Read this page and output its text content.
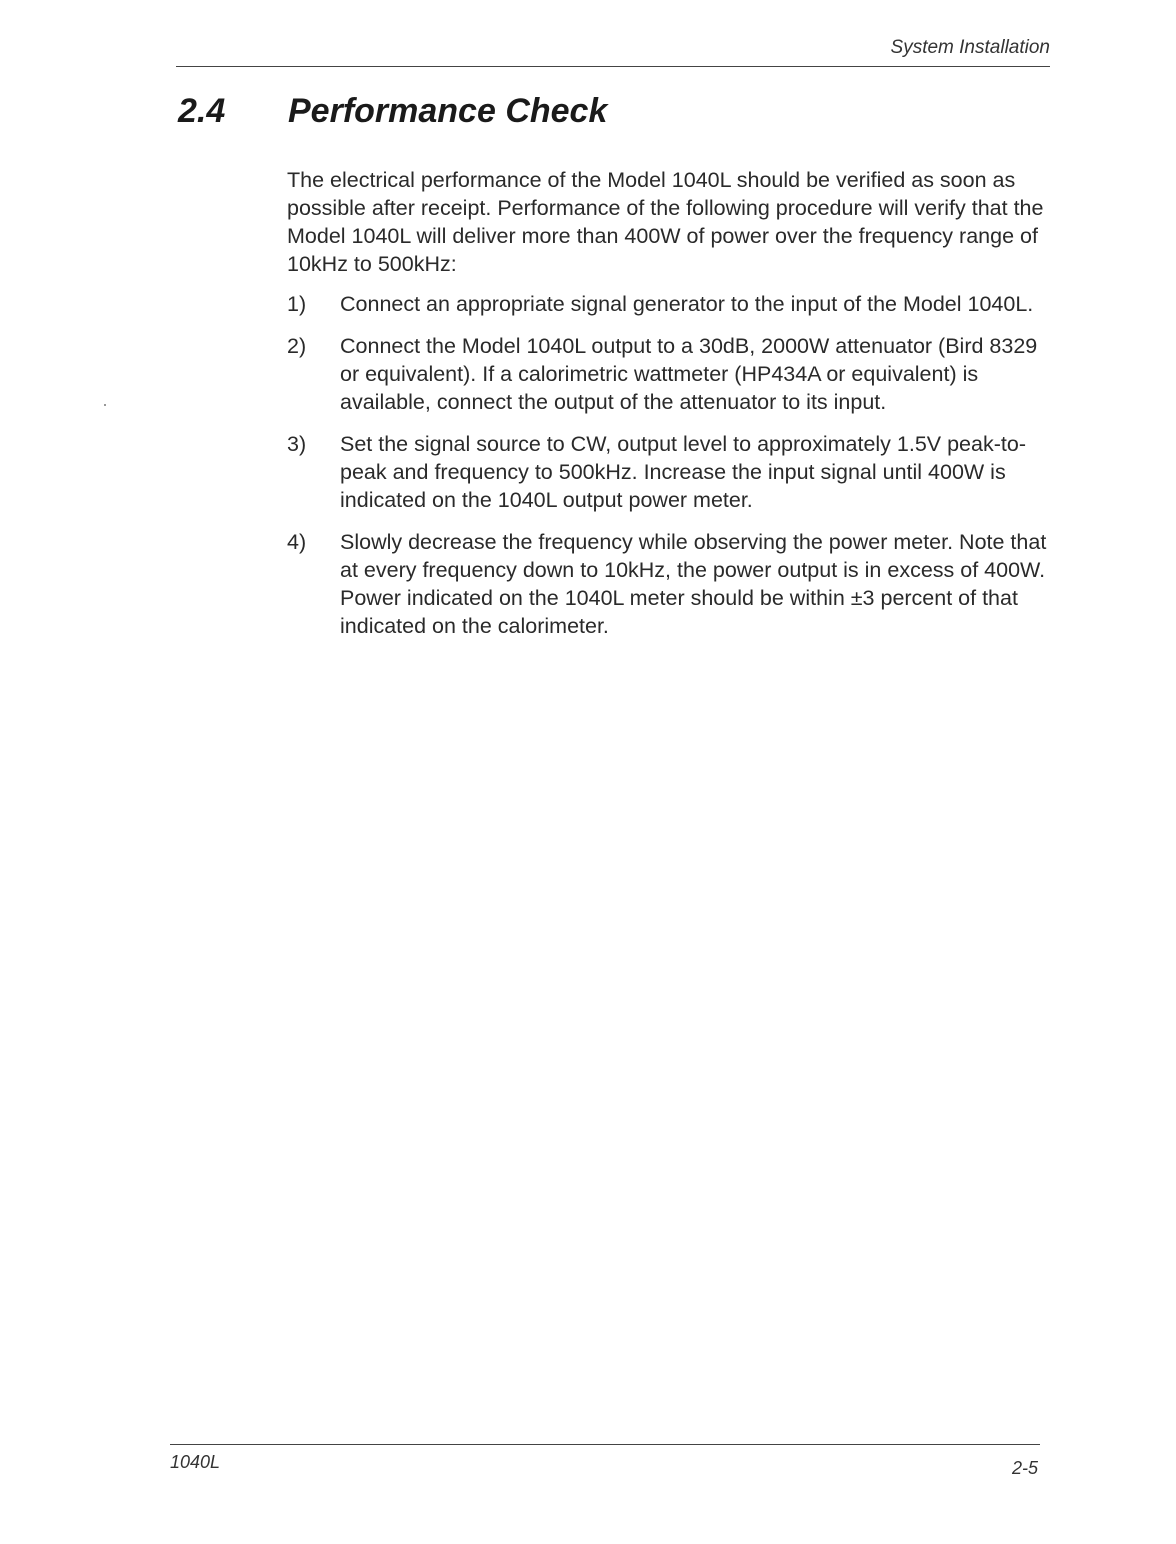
System Installation
2.4 Performance Check

The electrical performance of the Model 1040L should be verified as soon as possible after receipt. Performance of the following procedure will verify that the Model 1040L will deliver more than 400W of power over the frequency range of 10kHz to 500kHz:

1)	Connect an appropriate signal generator to the input of the Model 1040L.
2)	Connect the Model 1040L output to a 30dB, 2000W attenuator (Bird 8329 or equivalent). If a calorimetric wattmeter (HP434A or equivalent) is available, connect the output of the attenuator to its input.
3)	Set the signal source to CW, output level to approximately 1.5V peak-to-peak and frequency to 500kHz. Increase the input signal until 400W is indicated on the 1040L output power meter.
4)	Slowly decrease the frequency while observing the power meter. Note that at every frequency down to 10kHz, the power output is in excess of 400W. Power indicated on the 1040L meter should be within ±3 percent of that indicated on the calorimeter.
1040L	2-5
